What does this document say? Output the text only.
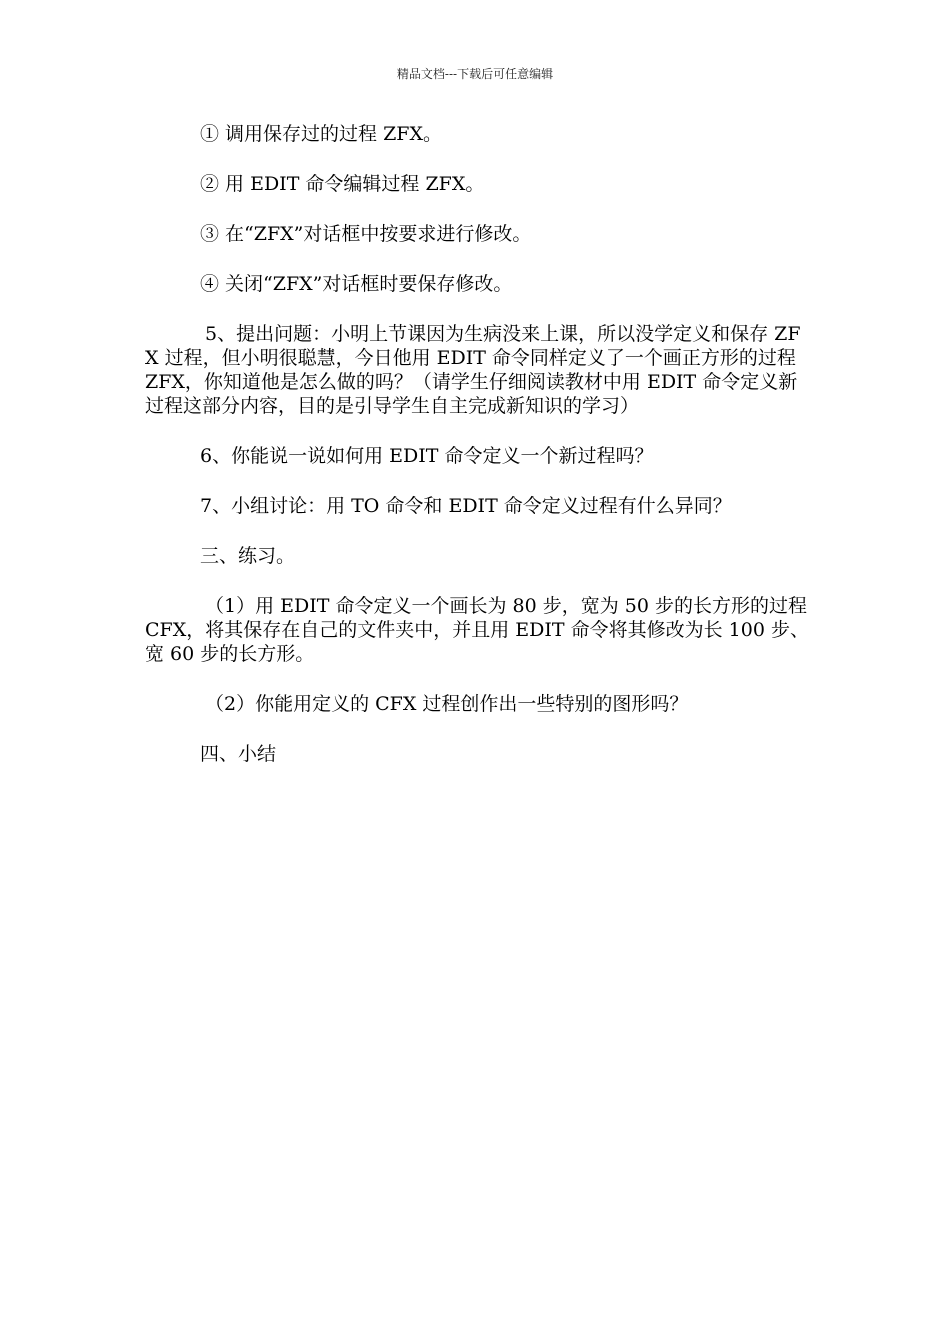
精品文档---下载后可任意编辑

① 调用保存过的过程 ZFX。

② 用 EDIT 命令编辑过程 ZFX。

③ 在“ZFX”对话框中按要求进行修改。

④ 关闭“ZFX”对话框时要保存修改。

5、提出问题：小明上节课因为生病没来上课，所以没学定义和保存 ZFX 过程，但小明很聪慧，今日他用 EDIT 命令同样定义了一个画正方形的过程 ZFX，你知道他是怎么做的吗？（请学生仔细阅读教材中用 EDIT 命令定义新过程这部分内容，目的是引导学生自主完成新知识的学习）

6、你能说一说如何用 EDIT 命令定义一个新过程吗？

7、小组讨论：用 TO 命令和 EDIT 命令定义过程有什么异同？

三、练习。

（1）用 EDIT 命令定义一个画长为 80 步，宽为 50 步的长方形的过程 CFX，将其保存在自己的文件夹中，并且用 EDIT 命令将其修改为长 100 步、宽 60 步的长方形。

（2）你能用定义的 CFX 过程创作出一些特别的图形吗？

四、小结
